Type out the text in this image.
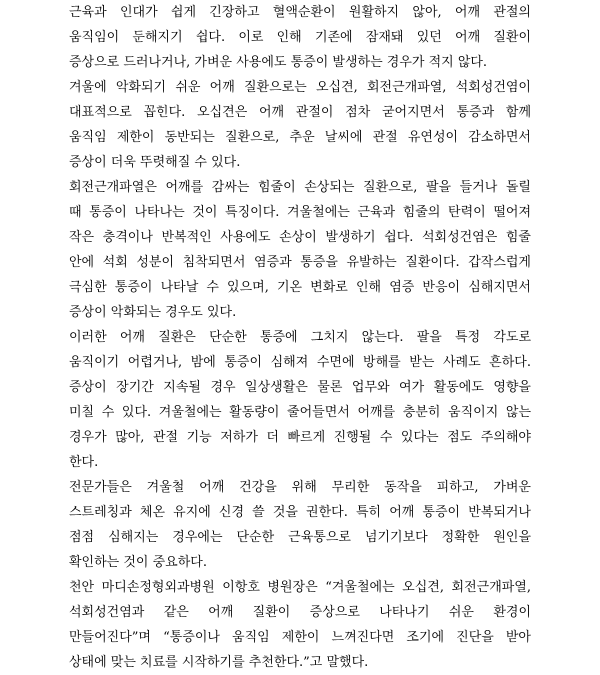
근육과 인대가 쉽게 긴장하고 혈액순환이 원활하지 않아, 어깨 관절의
움직임이 둔해지기 쉽다. 이로 인해 기존에 잠재돼 있던 어깨 질환이
증상으로 드러나거나, 가벼운 사용에도 통증이 발생하는 경우가 적지 않다.

겨울에 악화되기 쉬운 어깨 질환으로는 오십견, 회전근개파열, 석회성건염이
대표적으로 꼽힌다. 오십견은 어깨 관절이 점차 굳어지면서 통증과 함께
움직임 제한이 동반되는 질환으로, 추운 날씨에 관절 유연성이 감소하면서
증상이 더욱 뚜렷해질 수 있다.

회전근개파열은 어깨를 감싸는 힘줄이 손상되는 질환으로, 팔을 들거나 돌릴
때 통증이 나타나는 것이 특징이다. 겨울철에는 근육과 힘줄의 탄력이 떨어져
작은 충격이나 반복적인 사용에도 손상이 발생하기 쉽다. 석회성건염은 힘줄
안에 석회 성분이 침착되면서 염증과 통증을 유발하는 질환이다. 갑작스럽게
극심한 통증이 나타날 수 있으며, 기온 변화로 인해 염증 반응이 심해지면서
증상이 악화되는 경우도 있다.

이러한 어깨 질환은 단순한 통증에 그치지 않는다. 팔을 특정 각도로
움직이기 어렵거나, 밤에 통증이 심해져 수면에 방해를 받는 사례도 흔하다.
증상이 장기간 지속될 경우 일상생활은 물론 업무와 여가 활동에도 영향을
미칠 수 있다. 겨울철에는 활동량이 줄어들면서 어깨를 충분히 움직이지 않는
경우가 많아, 관절 기능 저하가 더 빠르게 진행될 수 있다는 점도 주의해야
한다.

전문가들은 겨울철 어깨 건강을 위해 무리한 동작을 피하고, 가벼운
스트레칭과 체온 유지에 신경 쓸 것을 권한다. 특히 어깨 통증이 반복되거나
점점 심해지는 경우에는 단순한 근육통으로 넘기기보다 정확한 원인을
확인하는 것이 중요하다.

천안 마디손정형외과병원 이항호 병원장은 “겨울철에는 오십견, 회전근개파열,
석회성건염과 같은 어깨 질환이 증상으로 나타나기 쉬운 환경이
만들어진다”며 “통증이나 움직임 제한이 느껴진다면 조기에 진단을 받아
상태에 맞는 치료를 시작하기를 추천한다.”고 말했다.
